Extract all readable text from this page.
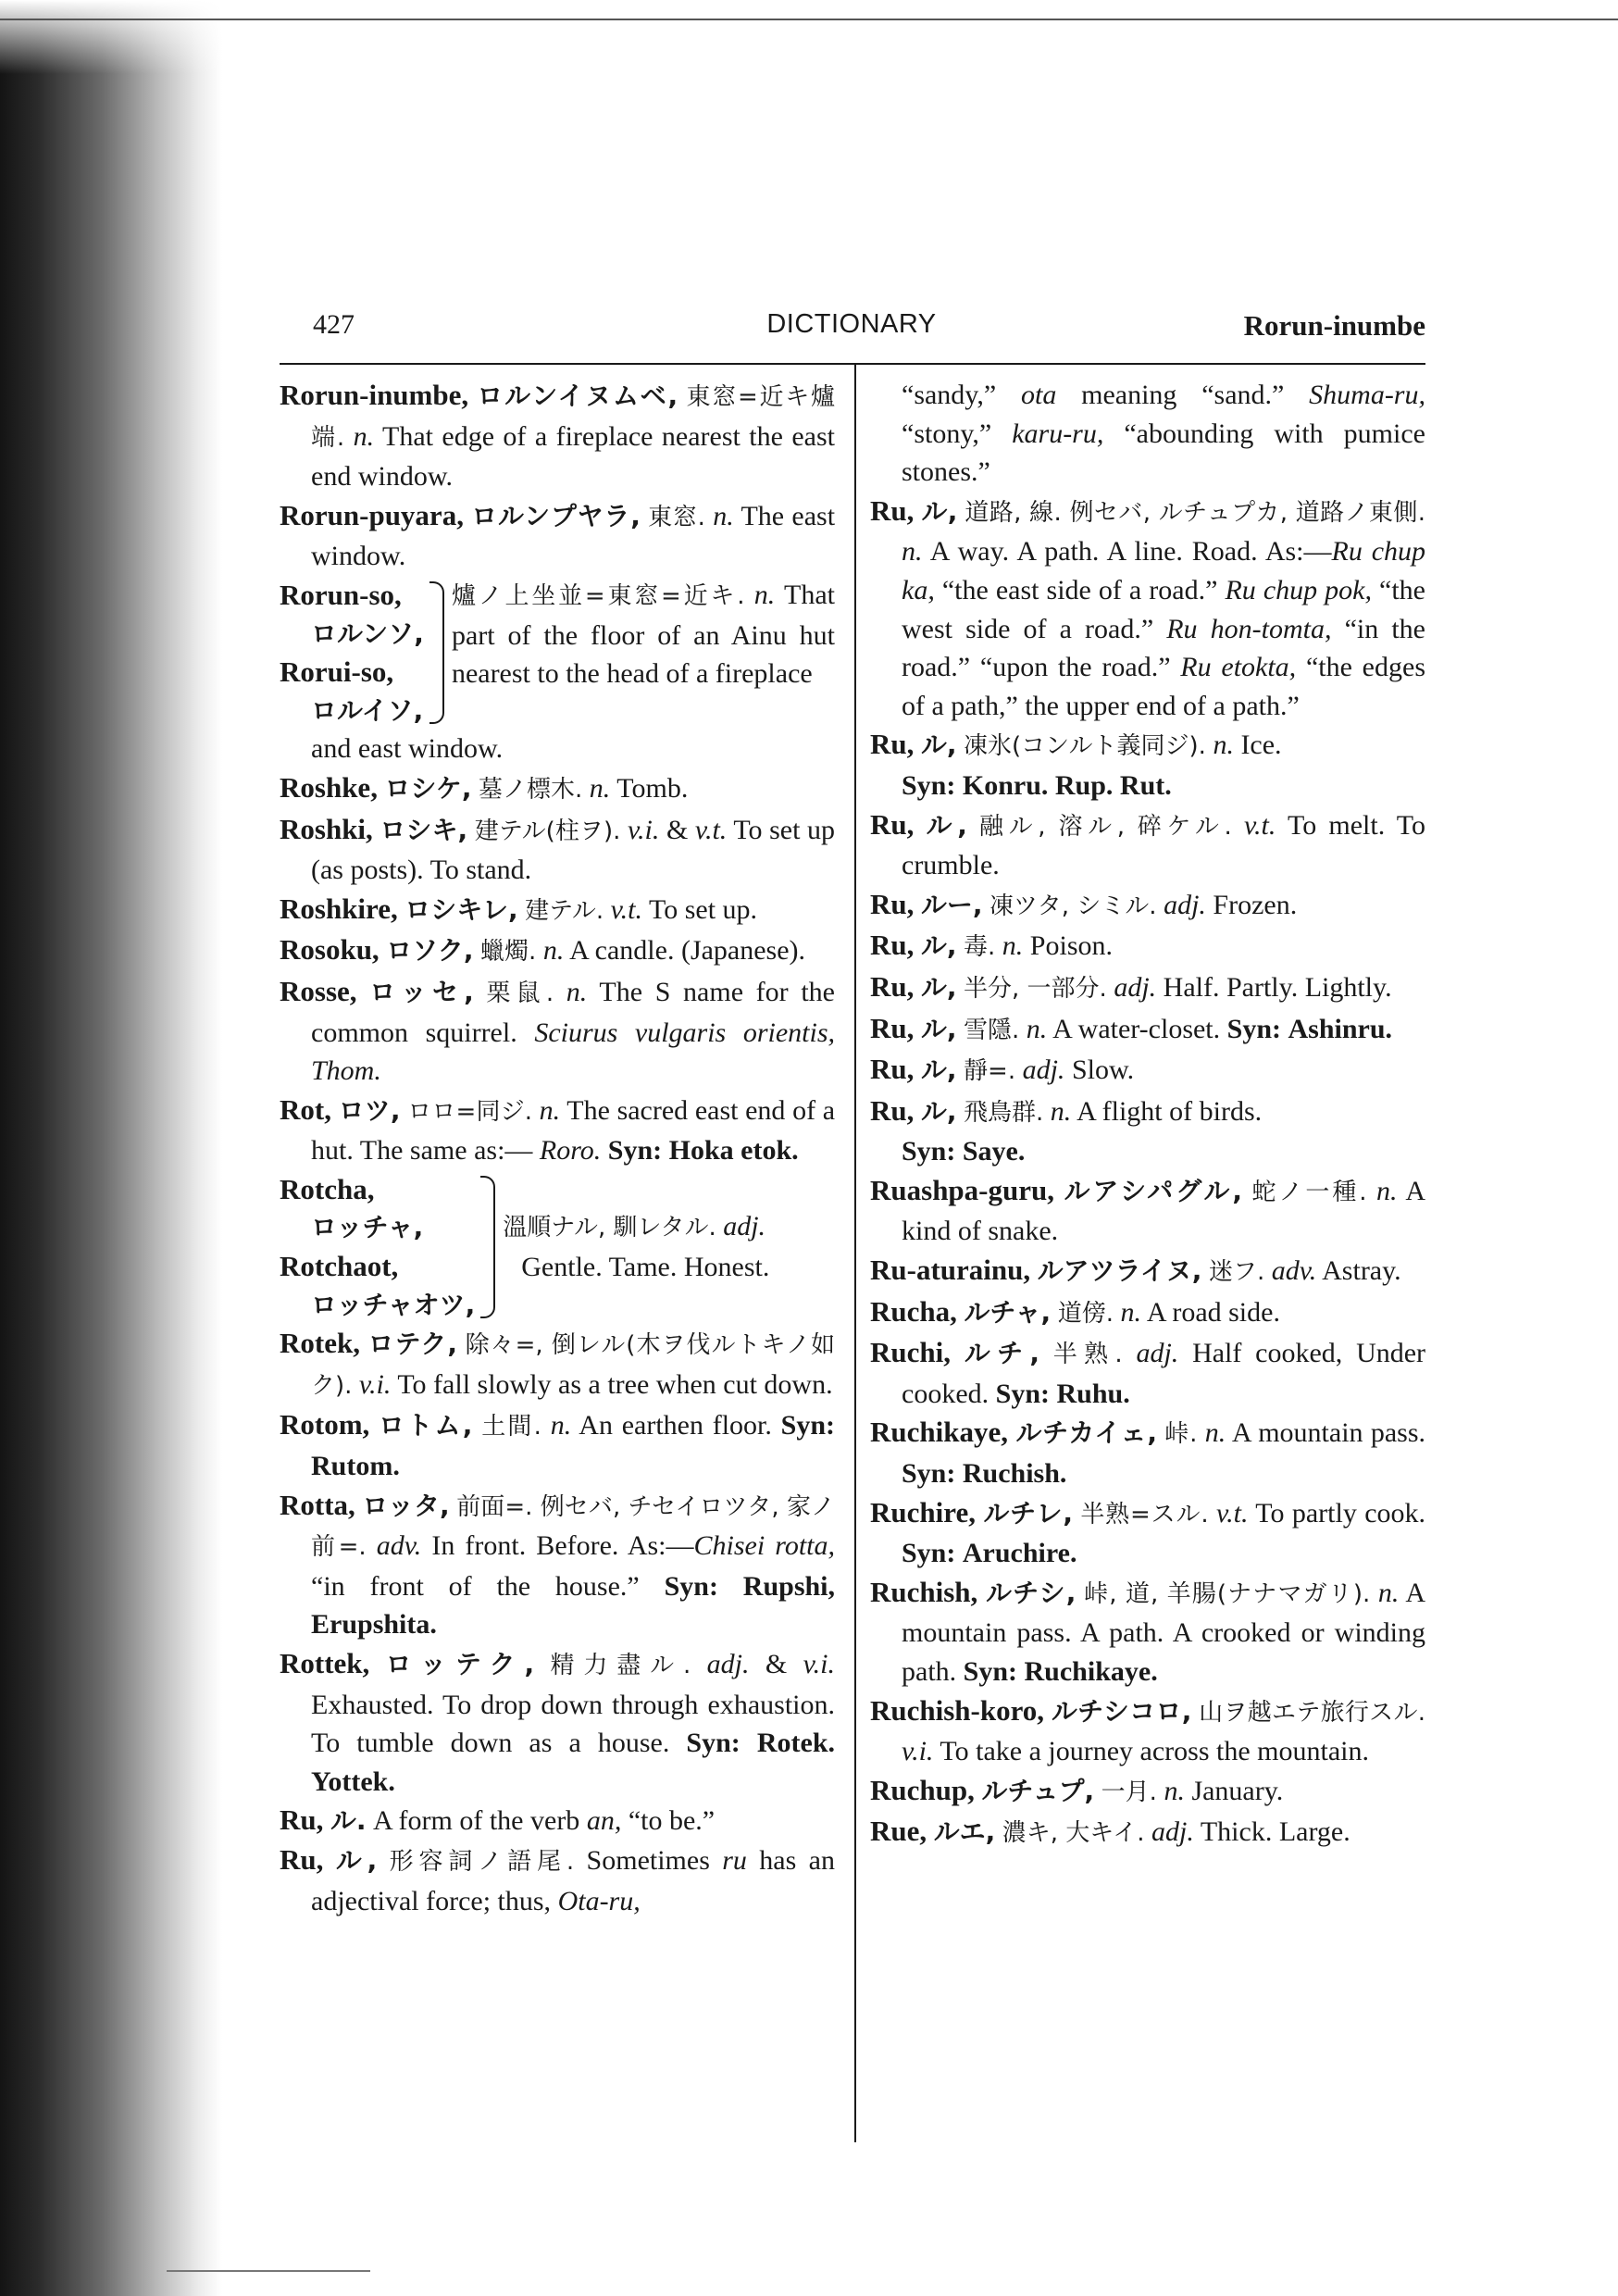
427	DICTIONARY	Rorun-inumbe

Rorun-inumbe, ロルンイヌムベ, 東窓=近キ爐端. n. That edge of a fireplace nearest the east end window.

Rorun-puyara, ロルンプヤラ, 東窓. n. The east window.

Rorun-so,
ロルンソ,
Rorui-so,
ロルイソ,
爐ノ上坐並=東窓=近キ. n. That part of the floor of an Ainu hut nearest to the head of a fireplace
and east window.

Roshke, ロシケ, 墓ノ標木. n. Tomb.

Roshki, ロシキ, 建テル(柱ヲ). v.i. & v.t. To set up (as posts). To stand.

Roshkire, ロシキレ, 建テル. v.t. To set up.

Rosoku, ロソク, 蠟燭. n. A candle. (Japanese).

Rosse, ロッセ, 栗鼠. n. The S name for the common squirrel. Sciurus vulgaris orientis, Thom.

Rot, ロツ, ロロ=同ジ. n. The sacred east end of a hut. The same as:— Roro. Syn: Hoka etok.

Rotcha,
ロッチャ,
Rotchaot,
ロッチャオツ,
溫順ナル, 馴レタル. adj.
Gentle. Tame. Honest.

Rotek, ロテク, 除々=, 倒レル(木ヲ伐ルトキノ如ク). v.i. To fall slowly as a tree when cut down.

Rotom, ロトム, 土間. n. An earthen floor. Syn: Rutom.

Rotta, ロッタ, 前面=. 例セバ, チセイロツタ, 家ノ前=. adv. In front. Before. As:—Chisei rotta, “in front of the house.” Syn: Rupshi, Erupshita.

Rottek, ロッテク, 精力盡ル. adj. & v.i. Exhausted. To drop down through exhaustion. To tumble down as a house. Syn: Rotek. Yottek.

Ru, ル. A form of the verb an, “to be.”

Ru, ル, 形容詞ノ語尾. Sometimes ru has an adjectival force; thus, Ota-ru,

“sandy,” ota meaning “sand.” Shuma-ru, “stony,” karu-ru, “abounding with pumice stones.”

Ru, ル, 道路, 線. 例セバ, ルチュプカ, 道路ノ東側. n. A way. A path. A line. Road. As:—Ru chup ka, “the east side of a road.” Ru chup pok, “the west side of a road.” Ru hon-tomta, “in the road.” “upon the road.” Ru etokta, “the edges of a path,” the upper end of a path.”

Ru, ル, 凍氷(コンルト義同ジ). n. Ice.
Syn: Konru. Rup. Rut.

Ru, ル, 融ル, 溶ル, 碎ケル. v.t. To melt. To crumble.

Ru, ルー, 凍ツタ, シミル. adj. Frozen.

Ru, ル, 毒. n. Poison.

Ru, ル, 半分, 一部分. adj. Half. Partly. Lightly.

Ru, ル, 雪隱. n. A water-closet. Syn: Ashinru.

Ru, ル, 靜=. adj. Slow.

Ru, ル, 飛鳥群. n. A flight of birds.
Syn: Saye.

Ruashpa-guru, ルアシパグル, 蛇ノ一種. n. A kind of snake.

Ru-aturainu, ルアツライヌ, 迷フ. adv. Astray.

Rucha, ルチャ, 道傍. n. A road side.

Ruchi, ルチ, 半熟. adj. Half cooked, Under cooked. Syn: Ruhu.

Ruchikaye, ルチカイェ, 峠. n. A mountain pass. Syn: Ruchish.

Ruchire, ルチレ, 半熟=スル. v.t. To partly cook. Syn: Aruchire.

Ruchish, ルチシ, 峠, 道, 羊腸(ナナマガリ). n. A mountain pass. A path. A crooked or winding path. Syn: Ruchikaye.

Ruchish-koro, ルチシコロ, 山ヲ越エテ旅行スル. v.i. To take a journey across the mountain.

Ruchup, ルチュプ, 一月. n. January.

Rue, ルエ, 濃キ, 大キイ. adj. Thick. Large.
